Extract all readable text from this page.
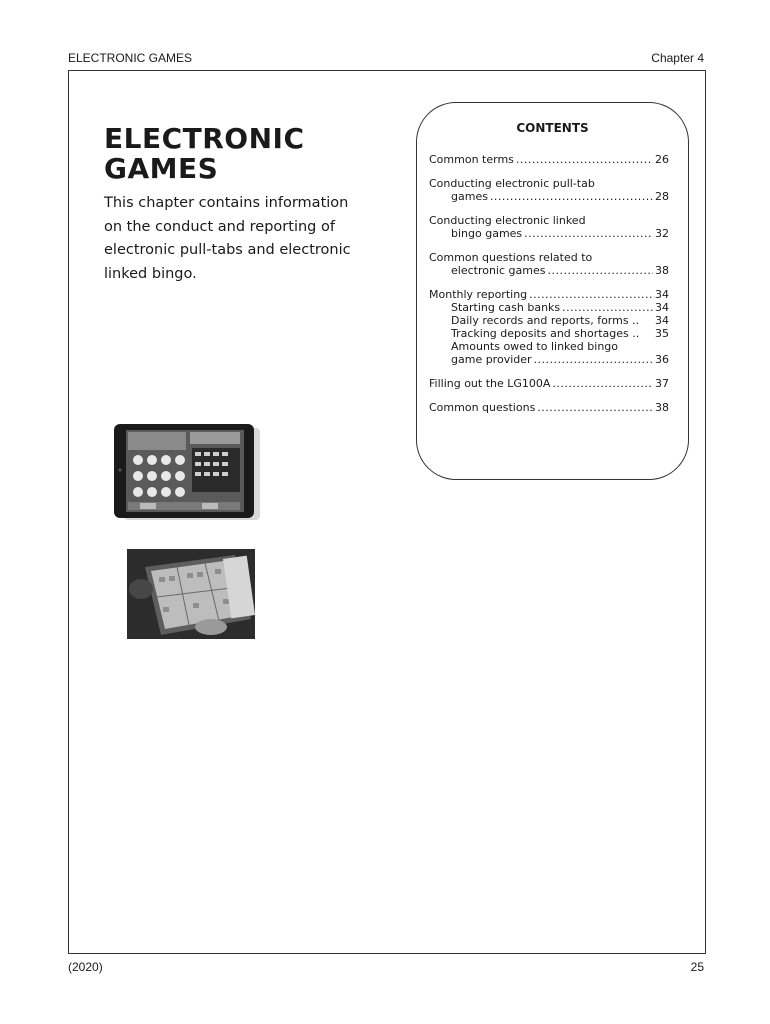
ELECTRONIC GAMES	Chapter 4
ELECTRONIC
GAMES
This chapter contains information on the conduct and reporting of electronic pull-tabs and electronic linked bingo.
CONTENTS
Common terms .....	26
Conducting electronic pull-tab
games .....	28
Conducting electronic linked
bingo games .....	32
Common questions related to
electronic games .....	38
Monthly reporting .....	34
Starting cash banks .....	34
Daily records and reports, forms .. 34
Tracking deposits and shortages .. 35
Amounts owed to linked bingo
game provider .....	36
Filling out the LG100A .....	37
Common questions .....	38
(2020)	25
